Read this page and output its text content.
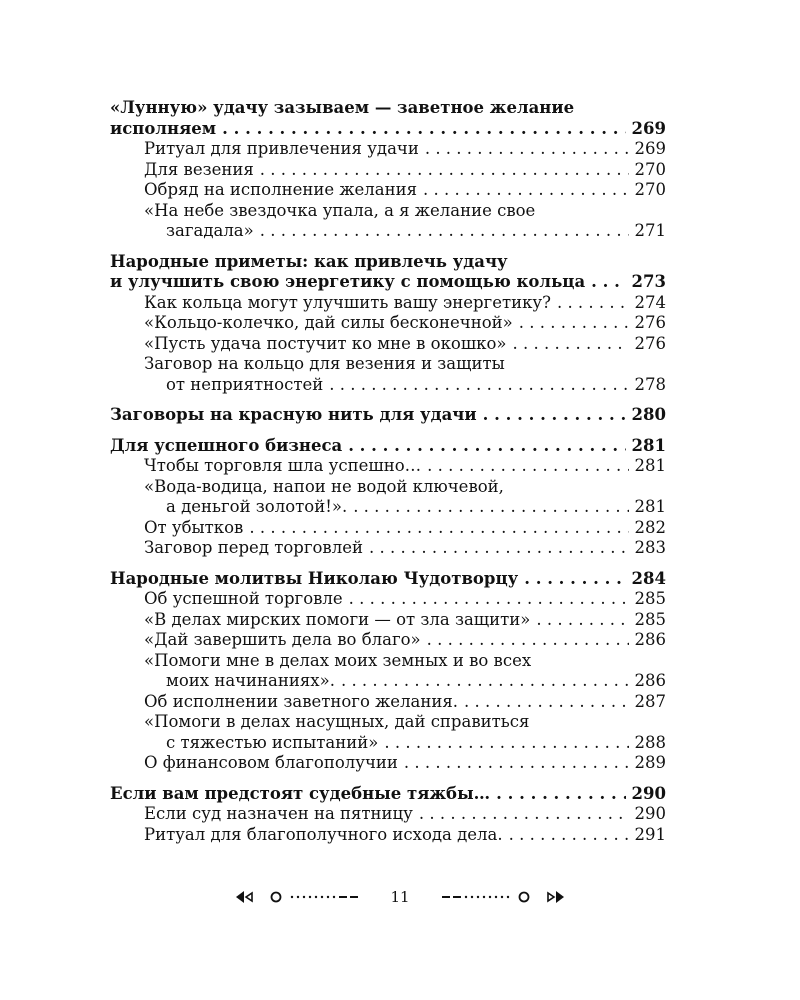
«Лунную» удачу зазываем — заветное желание
исполняем . . .	269
Ритуал для привлечения удачи . . .	269
Для везения . . .	270
Обряд на исполнение желания . . .	270
«На небе звездочка упала, а я желание свое
загадала» . . .	271
Народные приметы: как привлечь удачу
и улучшить свою энергетику с помощью кольца . . .	273
Как кольца могут улучшить вашу энергетику? . . .	274
«Кольцо-колечко, дай силы бесконечной» . . .	276
«Пусть удача постучит ко мне в окошко» . . .	276
Заговор на кольцо для везения и защиты
от неприятностей . . .	278
Заговоры на красную нить для удачи . . .	280
Для успешного бизнеса . . .	281
Чтобы торговля шла успешно… . . .	281
«Вода-водица, напои не водой ключевой,
а деньгой золотой!». . . .	281
От убытков . . .	282
Заговор перед торговлей . . .	283
Народные молитвы Николаю Чудотворцу . . .	284
Об успешной торговле . . .	285
«В делах мирских помоги — от зла защити» . . .	285
«Дай завершить дела во благо» . . .	286
«Помоги мне в делах моих земных и во всех
моих начинаниях». . . .	286
Об исполнении заветного желания. . . .	287
«Помоги в делах насущных, дай справиться
с тяжестью испытаний» . . .	288
О финансовом благополучии . . .	289
Если вам предстоят судебные тяжбы… . . .	290
Если суд назначен на пятницу . . .	290
Ритуал для благополучного исхода дела. . . .	291
11
